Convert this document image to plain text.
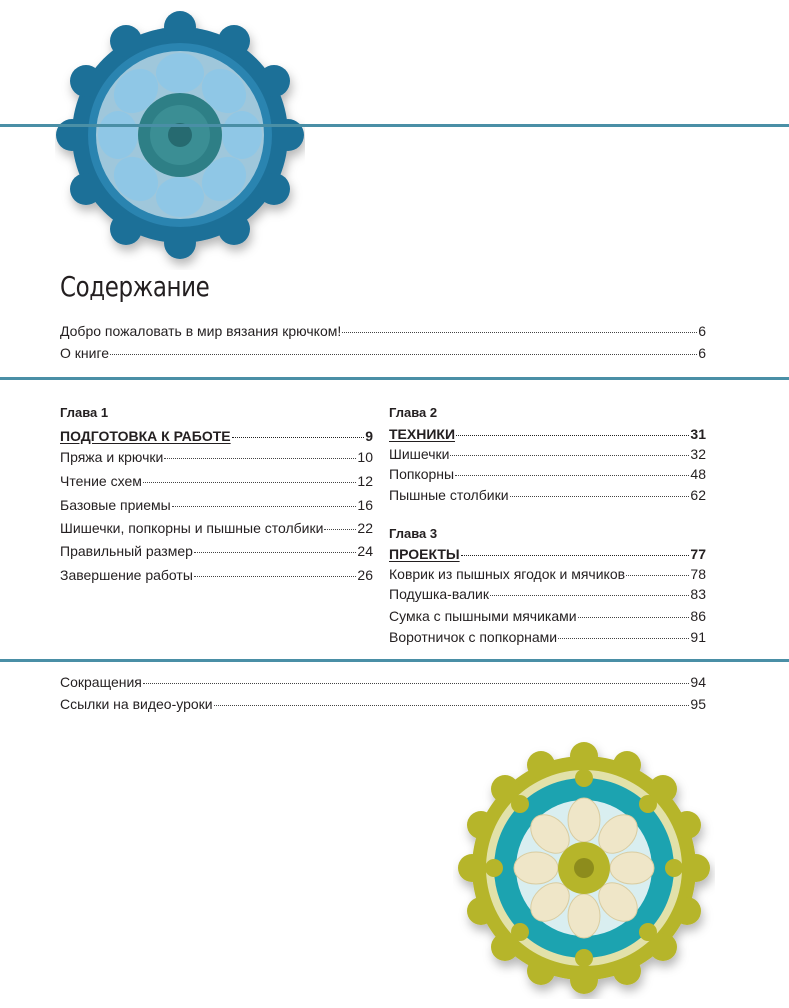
Содержание
Добро пожаловать в мир вязания крючком!	6
О книге	6

Глава 1

ПОДГОТОВКА К РАБОТЕ	9
Пряжа и крючки	10
Чтение схем	12
Базовые приемы	16
Шишечки, попкорны и пышные столбики 22
Правильный размер	24
Завершение работы	26

Глава 2

ТЕХНИКИ	31
Шишечки	32
Попкорны	48
Пышные столбики	62

Глава 3

ПРОЕКТЫ	77
Коврик из пышных ягодок и мячиков	78
Подушка-валик	83
Сумка с пышными мячиками	86
Воротничок с попкорнами	91
Сокращения	94
Ссылки на видео-уроки	95
